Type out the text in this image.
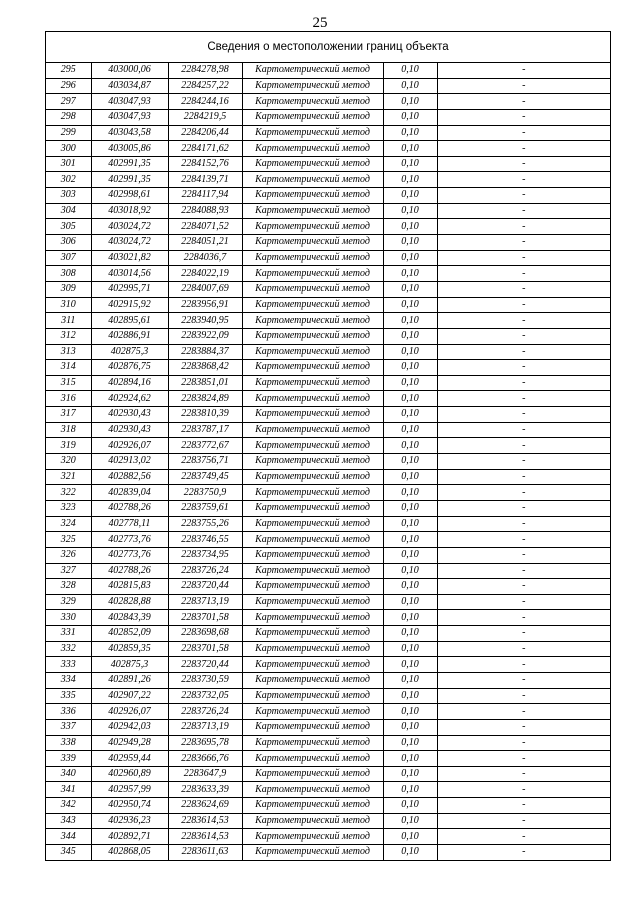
25
Сведения о местоположении границ объекта
295	403000,06	2284278,98	Картометрический метод	0,10	-
296	403034,87	2284257,22	Картометрический метод	0,10	-
297	403047,93	2284244,16	Картометрический метод	0,10	-
298	403047,93	2284219,5	Картометрический метод	0,10	-
299	403043,58	2284206,44	Картометрический метод	0,10	-
300	403005,86	2284171,62	Картометрический метод	0,10	-
301	402991,35	2284152,76	Картометрический метод	0,10	-
302	402991,35	2284139,71	Картометрический метод	0,10	-
303	402998,61	2284117,94	Картометрический метод	0,10	-
304	403018,92	2284088,93	Картометрический метод	0,10	-
305	403024,72	2284071,52	Картометрический метод	0,10	-
306	403024,72	2284051,21	Картометрический метод	0,10	-
307	403021,82	2284036,7	Картометрический метод	0,10	-
308	403014,56	2284022,19	Картометрический метод	0,10	-
309	402995,71	2284007,69	Картометрический метод	0,10	-
310	402915,92	2283956,91	Картометрический метод	0,10	-
311	402895,61	2283940,95	Картометрический метод	0,10	-
312	402886,91	2283922,09	Картометрический метод	0,10	-
313	402875,3	2283884,37	Картометрический метод	0,10	-
314	402876,75	2283868,42	Картометрический метод	0,10	-
315	402894,16	2283851,01	Картометрический метод	0,10	-
316	402924,62	2283824,89	Картометрический метод	0,10	-
317	402930,43	2283810,39	Картометрический метод	0,10	-
318	402930,43	2283787,17	Картометрический метод	0,10	-
319	402926,07	2283772,67	Картометрический метод	0,10	-
320	402913,02	2283756,71	Картометрический метод	0,10	-
321	402882,56	2283749,45	Картометрический метод	0,10	-
322	402839,04	2283750,9	Картометрический метод	0,10	-
323	402788,26	2283759,61	Картометрический метод	0,10	-
324	402778,11	2283755,26	Картометрический метод	0,10	-
325	402773,76	2283746,55	Картометрический метод	0,10	-
326	402773,76	2283734,95	Картометрический метод	0,10	-
327	402788,26	2283726,24	Картометрический метод	0,10	-
328	402815,83	2283720,44	Картометрический метод	0,10	-
329	402828,88	2283713,19	Картометрический метод	0,10	-
330	402843,39	2283701,58	Картометрический метод	0,10	-
331	402852,09	2283698,68	Картометрический метод	0,10	-
332	402859,35	2283701,58	Картометрический метод	0,10	-
333	402875,3	2283720,44	Картометрический метод	0,10	-
334	402891,26	2283730,59	Картометрический метод	0,10	-
335	402907,22	2283732,05	Картометрический метод	0,10	-
336	402926,07	2283726,24	Картометрический метод	0,10	-
337	402942,03	2283713,19	Картометрический метод	0,10	-
338	402949,28	2283695,78	Картометрический метод	0,10	-
339	402959,44	2283666,76	Картометрический метод	0,10	-
340	402960,89	2283647,9	Картометрический метод	0,10	-
341	402957,99	2283633,39	Картометрический метод	0,10	-
342	402950,74	2283624,69	Картометрический метод	0,10	-
343	402936,23	2283614,53	Картометрический метод	0,10	-
344	402892,71	2283614,53	Картометрический метод	0,10	-
345	402868,05	2283611,63	Картометрический метод	0,10	-
